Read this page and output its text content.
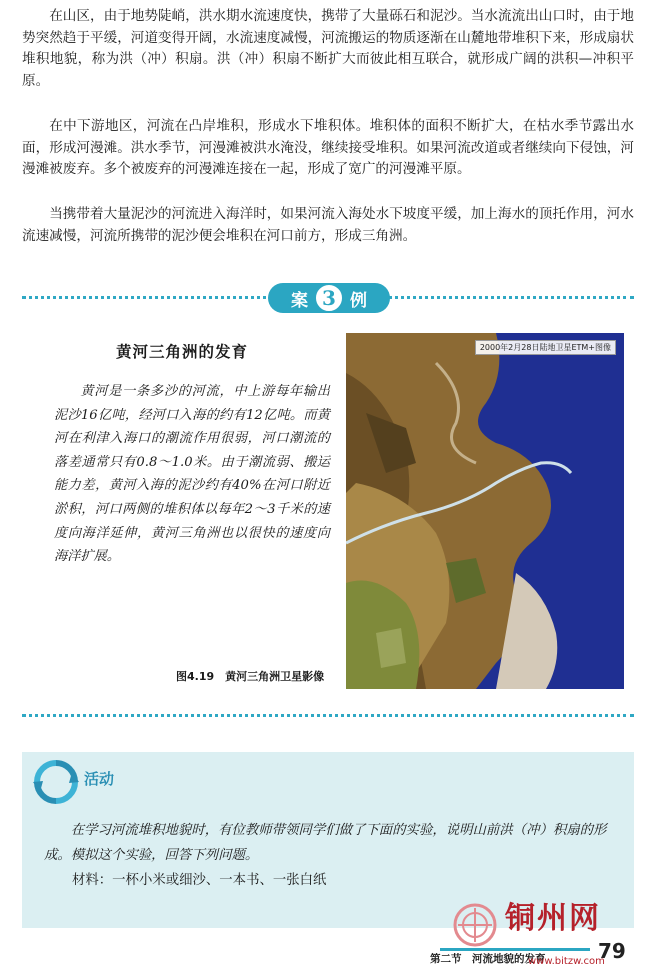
在山区，由于地势陡峭，洪水期水流速度快，携带了大量砾石和泥沙。当水流流出山口时，由于地势突然趋于平缓，河道变得开阔，水流速度减慢，河流搬运的物质逐渐在山麓地带堆积下来，形成扇状堆积地貌，称为洪（冲）积扇。洪（冲）积扇不断扩大而彼此相互联合，就形成广阔的洪积—冲积平原。

在中下游地区，河流在凸岸堆积，形成水下堆积体。堆积体的面积不断扩大，在枯水季节露出水面，形成河漫滩。洪水季节，河漫滩被洪水淹没，继续接受堆积。如果河流改道或者继续向下侵蚀，河漫滩被废弃。多个被废弃的河漫滩连接在一起，形成了宽广的河漫滩平原。

当携带着大量泥沙的河流进入海洋时，如果河流入海处水下坡度平缓，加上海水的顶托作用，河水流速减慢，河流所携带的泥沙便会堆积在河口前方，形成三角洲。

案 3 例
黄河三角洲的发育

黄河是一条多沙的河流，中上游每年输出泥沙16亿吨，经河口入海的约有12亿吨。而黄河在利津入海口的潮流作用很弱，河口潮流的落差通常只有0.8～1.0米。由于潮流弱、搬运能力差，黄河入海的泥沙约有40%在河口附近淤积，河口两侧的堆积体以每年2～3千米的速度向海洋延伸，黄河三角洲也以很快的速度向海洋扩展。

2000年2月28日陆地卫星ETM+图像
图4.19　黄河三角洲卫星影像
活动

在学习河流堆积地貌时，有位教师带领同学们做了下面的实验，说明山前洪（冲）积扇的形成。模拟这个实验，回答下列问题。

材料：一杯小米或细沙、一本书、一张白纸
铜州网
第二节　河流地貌的发育	79
www.bitzw.com
